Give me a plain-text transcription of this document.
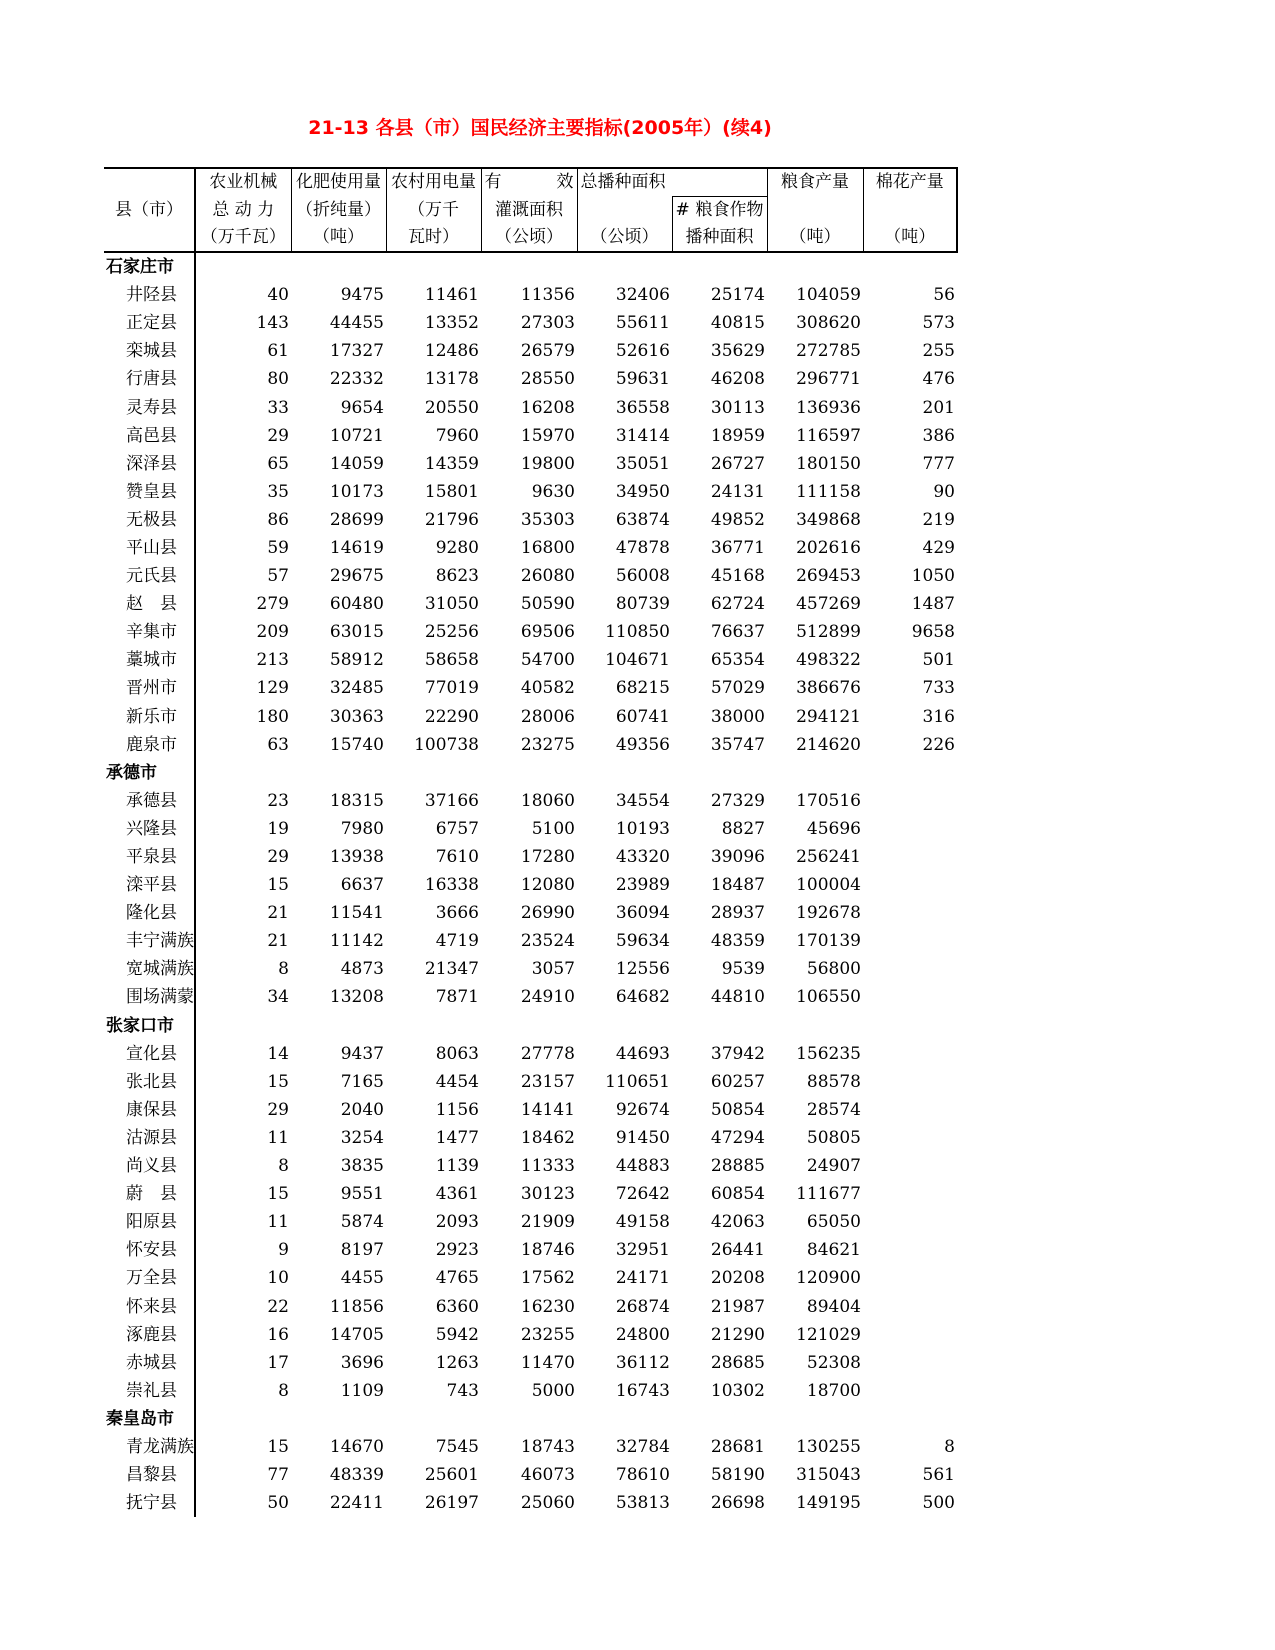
21-13 各县（市）国民经济主要指标(2005年）(续4)
	农业机械	化肥使用量	农村用电量	有 效	总播种面积		粮食产量	棉花产量
县（市）	总 动 力	（折纯量）	（万千	灌溉面积		# 粮食作物		

	（万千瓦）	（吨）	瓦时）	（公顷）	（公顷）	播种面积	（吨）	（吨）
石家庄市								
井陉县	40	9475	11461	11356	32406	25174	104059	56
正定县	143	44455	13352	27303	55611	40815	308620	573
栾城县	61	17327	12486	26579	52616	35629	272785	255
行唐县	80	22332	13178	28550	59631	46208	296771	476
灵寿县	33	9654	20550	16208	36558	30113	136936	201
高邑县	29	10721	7960	15970	31414	18959	116597	386
深泽县	65	14059	14359	19800	35051	26727	180150	777
赞皇县	35	10173	15801	9630	34950	24131	111158	90
无极县	86	28699	21796	35303	63874	49852	349868	219
平山县	59	14619	9280	16800	47878	36771	202616	429
元氏县	57	29675	8623	26080	56008	45168	269453	1050
赵　县	279	60480	31050	50590	80739	62724	457269	1487
辛集市	209	63015	25256	69506	110850	76637	512899	9658
藁城市	213	58912	58658	54700	104671	65354	498322	501
晋州市	129	32485	77019	40582	68215	57029	386676	733
新乐市	180	30363	22290	28006	60741	38000	294121	316
鹿泉市	63	15740	100738	23275	49356	35747	214620	226
承德市								
承德县	23	18315	37166	18060	34554	27329	170516	
兴隆县	19	7980	6757	5100	10193	8827	45696	
平泉县	29	13938	7610	17280	43320	39096	256241	
滦平县	15	6637	16338	12080	23989	18487	100004	
隆化县	21	11541	3666	26990	36094	28937	192678	
丰宁满族	21	11142	4719	23524	59634	48359	170139	
宽城满族	8	4873	21347	3057	12556	9539	56800	
围场满蒙	34	13208	7871	24910	64682	44810	106550	
张家口市								
宣化县	14	9437	8063	27778	44693	37942	156235	
张北县	15	7165	4454	23157	110651	60257	88578	
康保县	29	2040	1156	14141	92674	50854	28574	
沽源县	11	3254	1477	18462	91450	47294	50805	
尚义县	8	3835	1139	11333	44883	28885	24907	
蔚　县	15	9551	4361	30123	72642	60854	111677	
阳原县	11	5874	2093	21909	49158	42063	65050	
怀安县	9	8197	2923	18746	32951	26441	84621	
万全县	10	4455	4765	17562	24171	20208	120900	
怀来县	22	11856	6360	16230	26874	21987	89404	
涿鹿县	16	14705	5942	23255	24800	21290	121029	
赤城县	17	3696	1263	11470	36112	28685	52308	
崇礼县	8	1109	743	5000	16743	10302	18700	
秦皇岛市								
青龙满族	15	14670	7545	18743	32784	28681	130255	8
昌黎县	77	48339	25601	46073	78610	58190	315043	561
抚宁县	50	22411	26197	25060	53813	26698	149195	500
